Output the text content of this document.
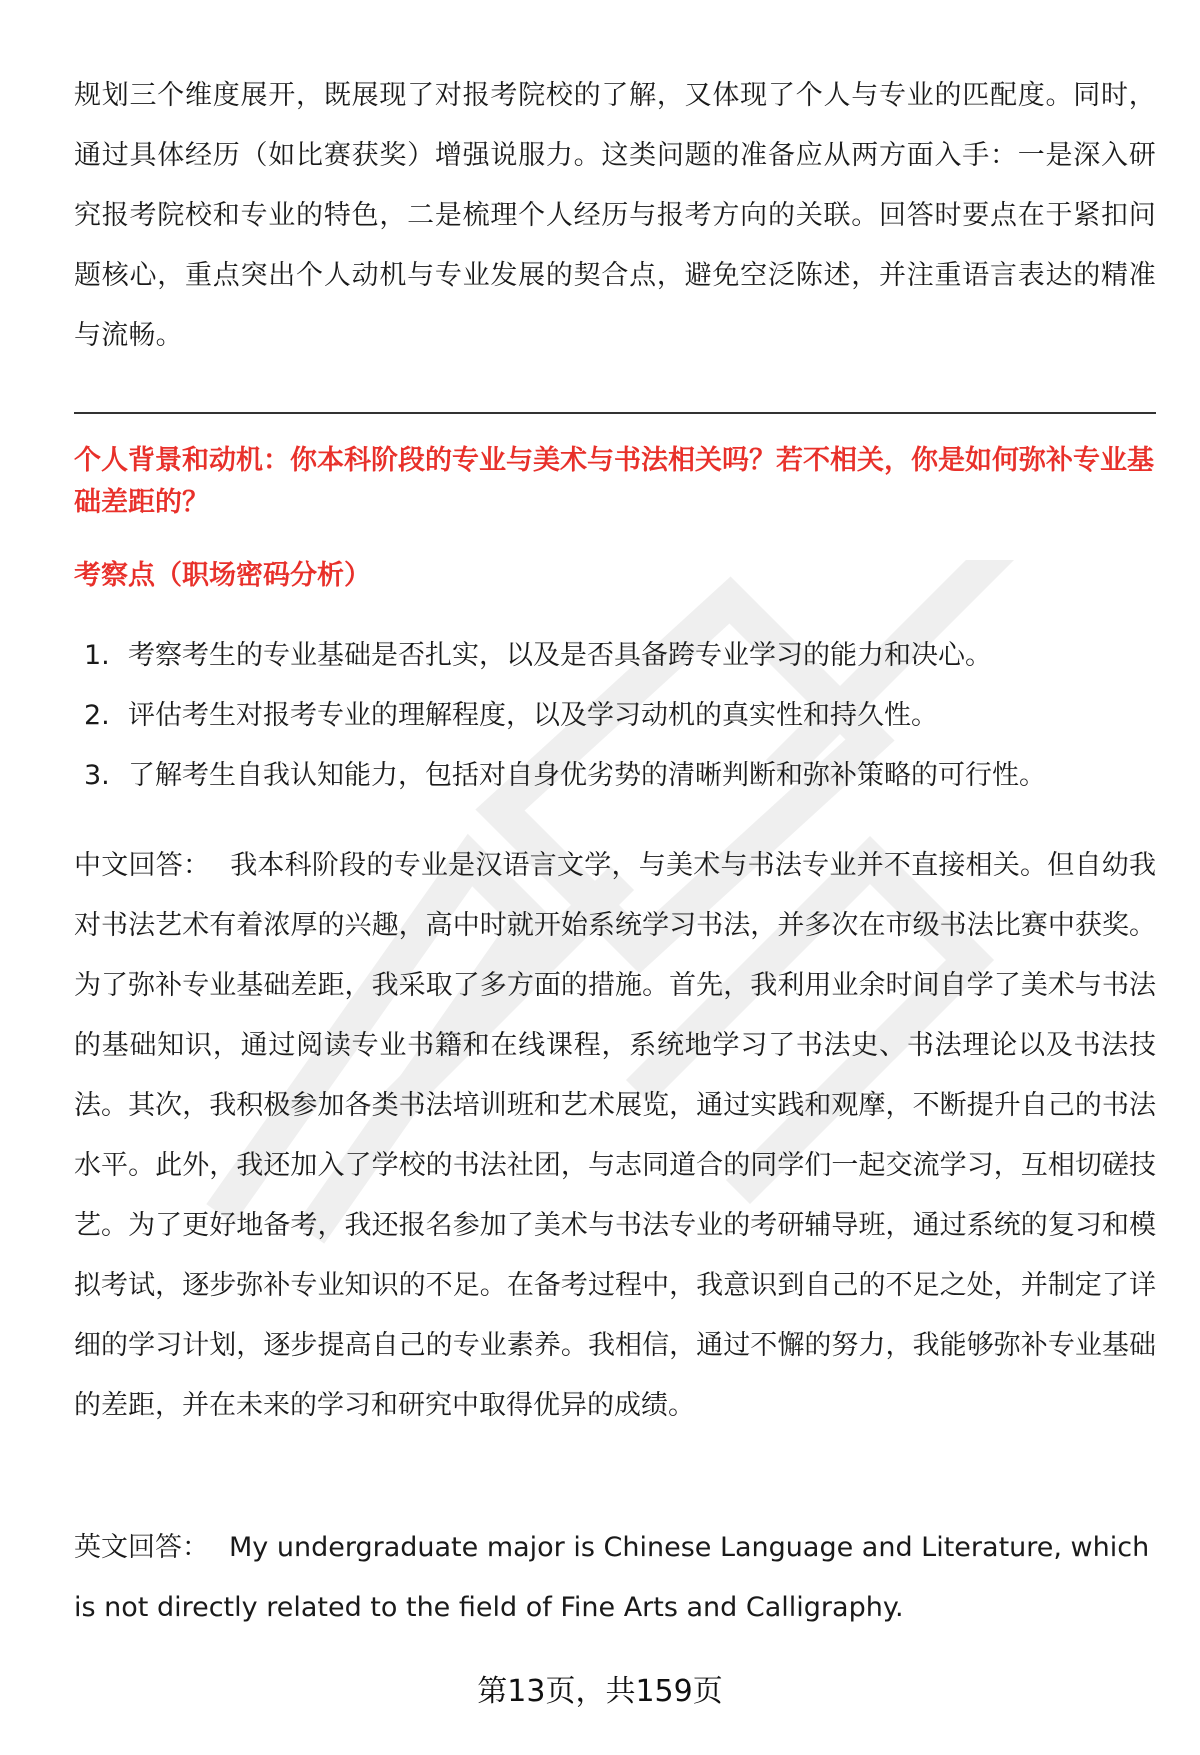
规划三个维度展开，既展现了对报考院校的了解，又体现了个人与专业的匹配度。同时，通过具体经历（如比赛获奖）增强说服力。这类问题的准备应从两方面入手：一是深入研究报考院校和专业的特色，二是梳理个人经历与报考方向的关联。回答时要点在于紧扣问题核心，重点突出个人动机与专业发展的契合点，避免空泛陈述，并注重语言表达的精准与流畅。

个人背景和动机：你本科阶段的专业与美术与书法相关吗？若不相关，你是如何弥补专业基础差距的？

考察点（职场密码分析）

1. 考察考生的专业基础是否扎实，以及是否具备跨专业学习的能力和决心。
2. 评估考生对报考专业的理解程度，以及学习动机的真实性和持久性。
3. 了解考生自我认知能力，包括对自身优劣势的清晰判断和弥补策略的可行性。

中文回答： 我本科阶段的专业是汉语言文学，与美术与书法专业并不直接相关。但自幼我对书法艺术有着浓厚的兴趣，高中时就开始系统学习书法，并多次在市级书法比赛中获奖。为了弥补专业基础差距，我采取了多方面的措施。首先，我利用业余时间自学了美术与书法的基础知识，通过阅读专业书籍和在线课程，系统地学习了书法史、书法理论以及书法技法。其次，我积极参加各类书法培训班和艺术展览，通过实践和观摩，不断提升自己的书法水平。此外，我还加入了学校的书法社团，与志同道合的同学们一起交流学习，互相切磋技艺。为了更好地备考，我还报名参加了美术与书法专业的考研辅导班，通过系统的复习和模拟考试，逐步弥补专业知识的不足。在备考过程中，我意识到自己的不足之处，并制定了详细的学习计划，逐步提高自己的专业素养。我相信，通过不懈的努力，我能够弥补专业基础的差距，并在未来的学习和研究中取得优异的成绩。

英文回答： My undergraduate major is Chinese Language and Literature, which is not directly related to the field of Fine Arts and Calligraphy.

第13页，共159页
